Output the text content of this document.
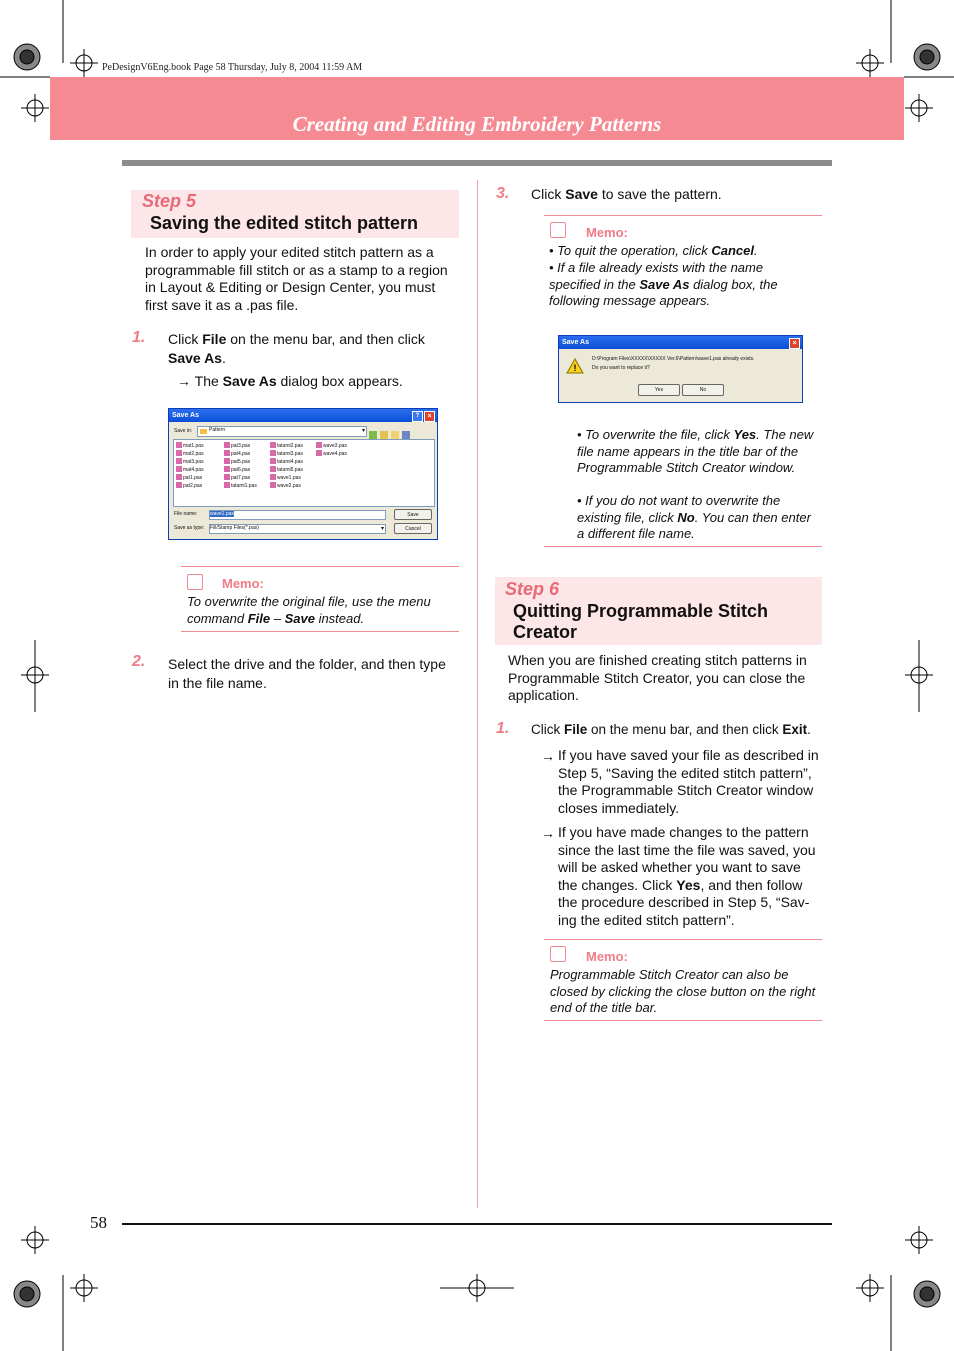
PeDesignV6Eng.book Page 58 Thursday, July 8, 2004 11:59 AM
Creating and Editing Embroidery Patterns
Step 5
Saving the edited stitch pattern
In order to apply your edited stitch pattern as a programmable fill stitch or as a stamp to a region in Layout & Editing or Design Center, you must first save it as a .pas file.
1. Click File on the menu bar, and then click Save As.
→ The Save As dialog box appears.
Save As	?	×
Save in:	Pattern	▾
mat1.pas
mat2.pas
mat3.pas
mat4.pas
pat1.pas
pat2.pas
pat3.pas
pat4.pas
pat5.pas
pat6.pas
pat7.pas
tatami1.pas
tatami2.pas
tatami3.pas
tatami4.pas
tatami5.pas
wave1.pas
wave2.pas
wave3.pas
wave4.pas
File name:	wave1.pas
Save as type: Fill/Stamp Files(*.pas)	▾
Save
Cancel
Memo:
To overwrite the original file, use the menu command File – Save instead.
2. Select the drive and the folder, and then type in the file name.
3. Click Save to save the pattern.
Memo:
• To quit the operation, click Cancel.
• If a file already exists with the name specified in the Save As dialog box, the following message appears.
Save As	×
!
D:\Program Files\XXXXX\XXXXX Ver.6\Pattern\wave1.pas already exists.
Do you want to replace it?
Yes	No
• To overwrite the file, click Yes. The new file name appears in the title bar of the Programmable Stitch Creator window.
• If you do not want to overwrite the existing file, click No. You can then enter a different file name.
Step 6
Quitting Programmable Stitch Creator
When you are finished creating stitch patterns in Programmable Stitch Creator, you can close the application.
1. Click File on the menu bar, and then click Exit.
→ If you have saved your file as described in Step 5, “Saving the edited stitch pattern”, the Programmable Stitch Creator window closes immediately.
→ If you have made changes to the pattern since the last time the file was saved, you will be asked whether you want to save the changes. Click Yes, and then follow the procedure described in Step 5, “Sav-ing the edited stitch pattern”.
Memo:
Programmable Stitch Creator can also be closed by clicking the close button on the right end of the title bar.
58
